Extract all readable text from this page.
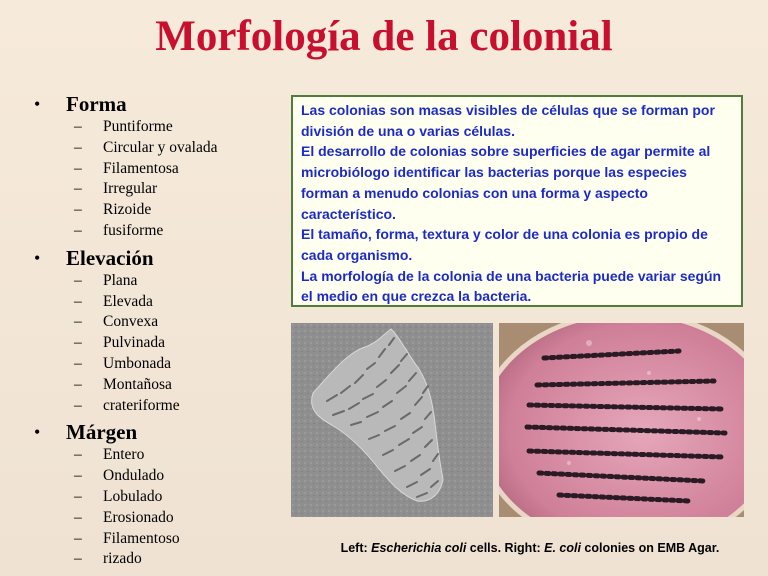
Morfología de la colonial
•	Forma
–	Puntiforme
–	Circular y ovalada
–	Filamentosa
–	Irregular
–	Rizoide
–	fusiforme
•	Elevación
–	Plana
–	Elevada
–	Convexa
–	Pulvinada
–	Umbonada
–	Montañosa
–	crateriforme
•	Márgen
–	Entero
–	Ondulado
–	Lobulado
–	Erosionado
–	Filamentoso
–	rizado

Las colonias son masas visibles de células que se forman por división de una o varias células.

El desarrollo de colonias sobre superficies de agar permite al microbiólogo identificar las bacterias porque las especies forman a menudo colonias con una forma y aspecto característico.

El tamaño, forma, textura y color de una colonia es propio de cada organismo.

La morfología de la colonia de una bacteria puede variar según el medio en que crezca la bacteria.

Left: Escherichia coli cells. Right: E. coli colonies on EMB Agar.
